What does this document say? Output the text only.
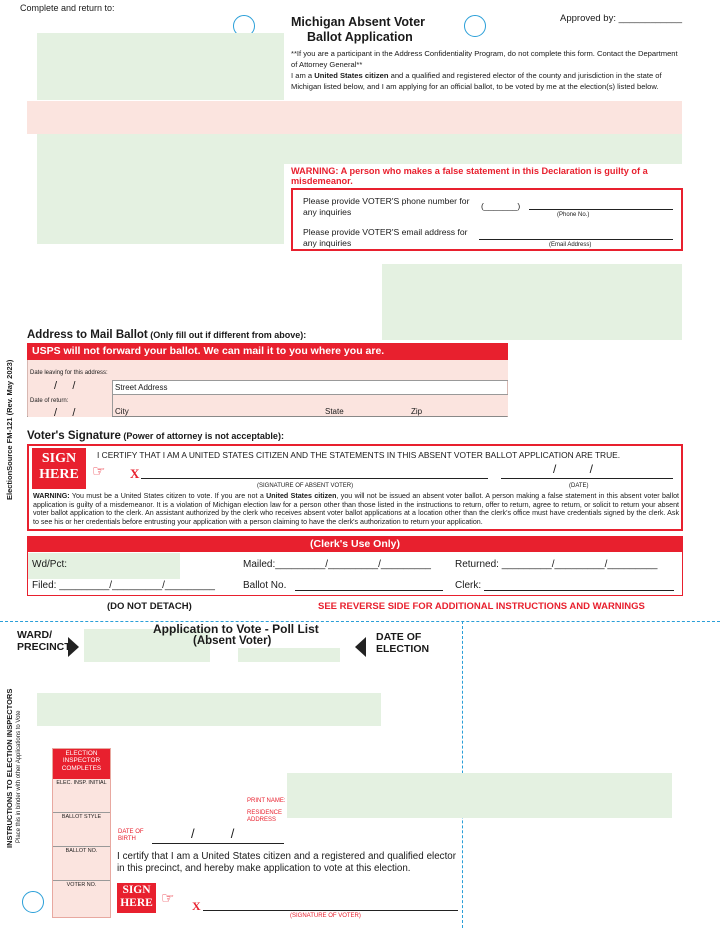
Complete and return to:
Michigan Absent Voter
Ballot Application
Approved by: ____________
**If you are a participant in the Address Confidentiality Program, do not complete this form. Contact the Department of Attorney General**
I am a United States citizen and a qualified and registered elector of the county and jurisdiction in the state of Michigan listed below, and I am applying for an official ballot, to be voted by me at the election(s) listed below.
WARNING: A person who makes a false statement in this Declaration is guilty of a misdemeanor.
Please provide VOTER'S phone number for any inquiries
(_______)
(Phone No.)
Please provide VOTER'S email address for any inquiries	(Email Address)
ElectionSource FM-121 (Rev. May 2023)
Address to Mail Ballot (Only fill out if different from above):
USPS will not forward your ballot. We can mail it to you where you are.
Date leaving for this address:
/     /
Date of return:
/     /
Street Address
City	State	Zip
Voter's Signature (Power of attorney is not acceptable):
SIGN HERE ☞
I CERTIFY THAT I AM A UNITED STATES CITIZEN AND THE STATEMENTS IN THIS ABSENT VOTER BALLOT APPLICATION ARE TRUE.
X
(SIGNATURE OF ABSENT VOTER)
/          /
(DATE)
WARNING: You must be a United States citizen to vote. If you are not a United States citizen, you will not be issued an absent voter ballot. A person making a false statement in this absent voter ballot application is guilty of a misdemeanor. It is a violation of Michigan election law for a person other than those listed in the instructions to return, offer to return, agree to return, or solicit to return your absent voter ballot application to the clerk. An assistant authorized by the clerk who receives absent voter ballot applications at a location other than the clerk's office must have credentials signed by the clerk. Ask to see his or her credentials before entrusting your application with a person claiming to have the clerk's authorization to return your application.
(Clerk's Use Only)
Wd/Pct:	Mailed:_________/_________/_________ Returned: _________/_________/_________
Filed: _________/_________/_________	Ballot No.	Clerk:
(DO NOT DETACH)	SEE REVERSE SIDE FOR ADDITIONAL INSTRUCTIONS AND WARNINGS
WARD/ PRECINCT
Application to Vote - Poll List
(Absent Voter)	DATE OF ELECTION
INSTRUCTIONS TO ELECTION INSPECTORS Place this in binder with other Applications to Vote	ELECTION INSPECTOR COMPLETES
ELEC. INSP. INITIAL
BALLOT STYLE
BALLOT NO.
VOTER NO.
PRINT NAME:
RESIDENCE ADDRESS
DATE OF BIRTH	/          /
I certify that I am a United States citizen and a registered and qualified elector in this precinct, and hereby make application to vote at this election.
SIGN HERE ☞ X
(SIGNATURE OF VOTER)
